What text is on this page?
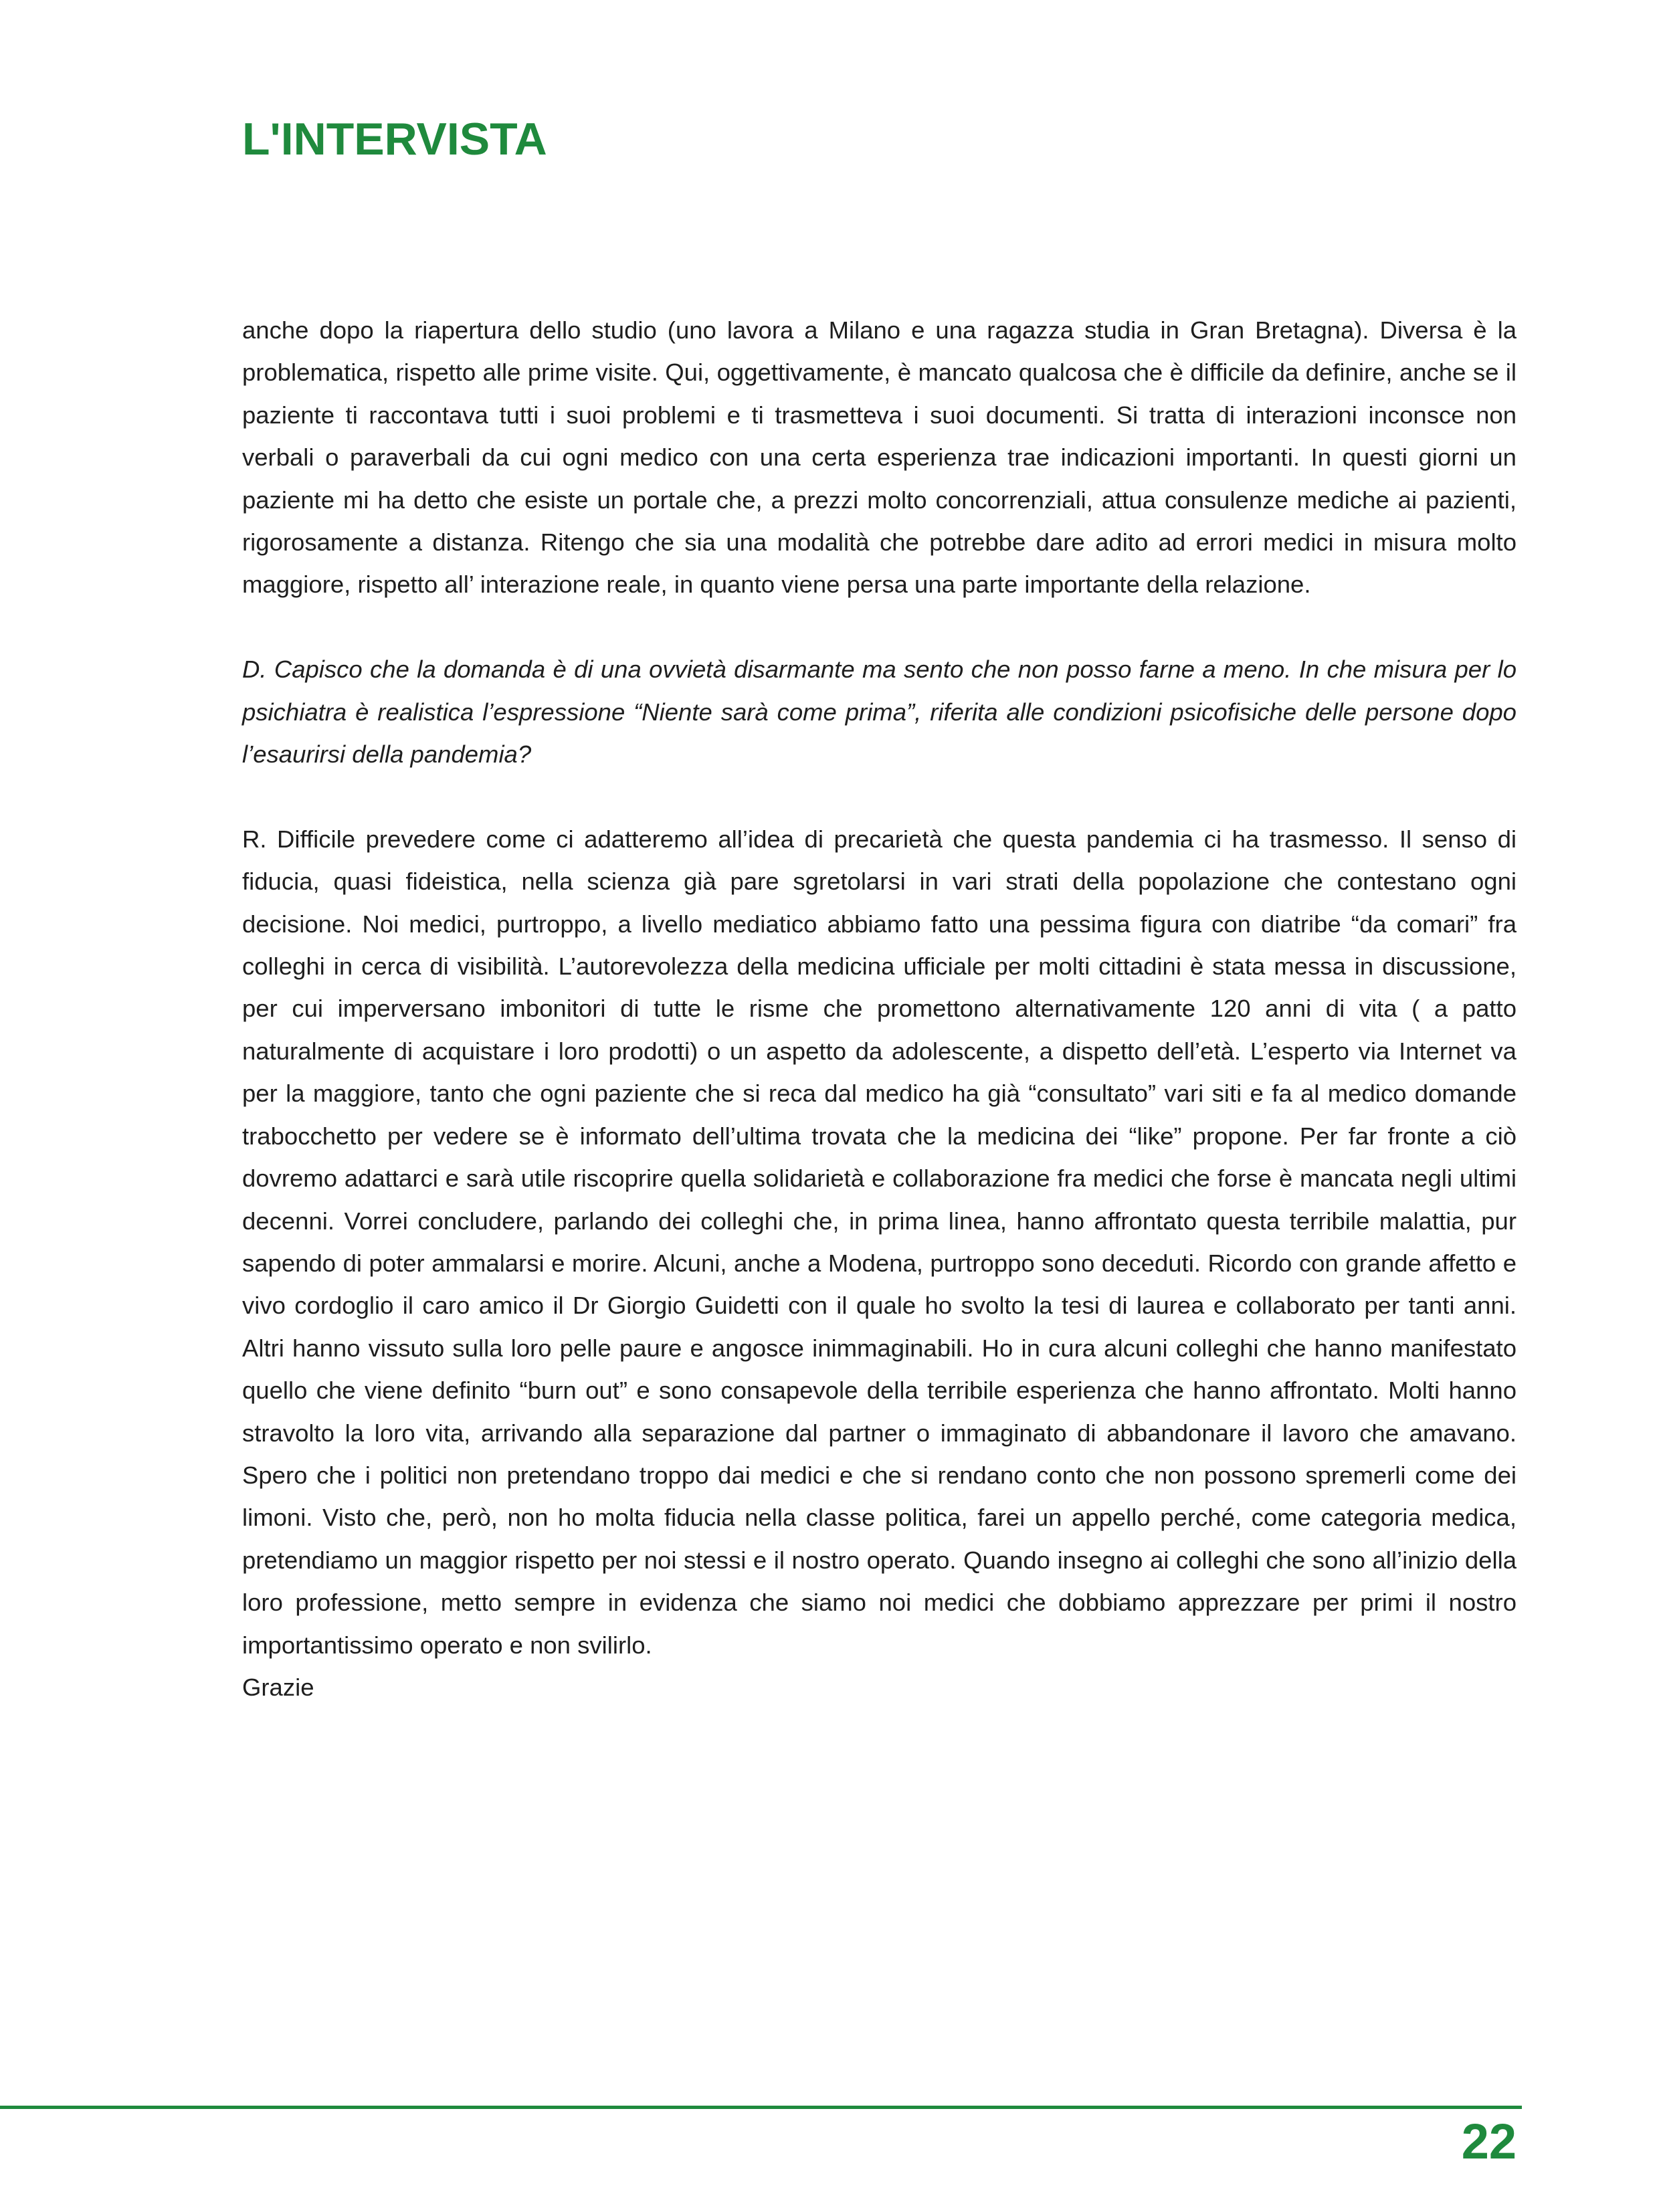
L'INTERVISTA

anche dopo la riapertura dello studio (uno lavora a Milano e una ragazza studia in Gran Bretagna). Diversa è la problematica, rispetto alle prime visite. Qui, oggettivamente, è mancato qualcosa che è difficile da definire, anche se il paziente ti raccontava tutti i suoi problemi e ti trasmetteva i suoi documenti. Si tratta di interazioni inconsce non verbali o paraverbali da cui ogni medico con una certa esperienza trae indicazioni importanti. In questi giorni un paziente mi ha detto che esiste un portale che, a prezzi molto concorrenziali, attua consulenze mediche ai pazienti, rigorosamente a distanza. Ritengo che sia una modalità che potrebbe dare adito ad errori medici in misura molto maggiore, rispetto all’ interazione reale, in quanto viene persa una parte importante della relazione.

D. Capisco che la domanda è di una ovvietà disarmante ma sento che non posso farne a meno. In che misura per lo psichiatra è realistica l’espressione “Niente sarà come prima”, riferita alle condizioni psicofisiche delle persone dopo l’esaurirsi della pandemia?

R. Difficile prevedere come ci adatteremo all’idea di precarietà che questa pandemia ci ha trasmesso. Il senso di fiducia, quasi fideistica, nella scienza già pare sgretolarsi in vari strati della popolazione che contestano ogni decisione. Noi medici, purtroppo, a livello mediatico abbiamo fatto una pessima figura con diatribe “da comari” fra colleghi in cerca di visibilità. L’autorevolezza della medicina ufficiale per molti cittadini è stata messa in discussione, per cui imperversano imbonitori di tutte le risme che promettono alternativamente 120 anni di vita ( a patto naturalmente di acquistare i loro prodotti) o un aspetto da adolescente, a dispetto dell’età. L’esperto via Internet va per la maggiore, tanto che ogni paziente che si reca dal medico ha già “consultato” vari siti e fa al medico domande trabocchetto per vedere se è informato dell’ultima trovata che la medicina dei “like” propone. Per far fronte a ciò dovremo adattarci e sarà utile riscoprire quella solidarietà e collaborazione fra medici che forse è mancata negli ultimi decenni. Vorrei concludere, parlando dei colleghi che, in prima linea, hanno affrontato questa terribile malattia, pur sapendo di poter ammalarsi e morire. Alcuni, anche a Modena, purtroppo sono deceduti. Ricordo con grande affetto e vivo cordoglio il caro amico il Dr Giorgio Guidetti con il quale ho svolto la tesi di laurea e collaborato per tanti anni. Altri hanno vissuto sulla loro pelle paure e angosce inimmaginabili. Ho in cura alcuni colleghi che hanno manifestato quello che viene definito “burn out” e sono consapevole della terribile esperienza che hanno affrontato. Molti hanno stravolto la loro vita, arrivando alla separazione dal partner o immaginato di abbandonare il lavoro che amavano. Spero che i politici non pretendano troppo dai medici e che si rendano conto che non possono spremerli come dei limoni. Visto che, però, non ho molta fiducia nella classe politica, farei un appello perché, come categoria medica, pretendiamo un maggior rispetto per noi stessi e il nostro operato. Quando insegno ai colleghi che sono all’inizio della loro professione, metto sempre in evidenza che siamo noi medici che dobbiamo apprezzare per primi il nostro importantissimo operato e non svilirlo.

Grazie

22
